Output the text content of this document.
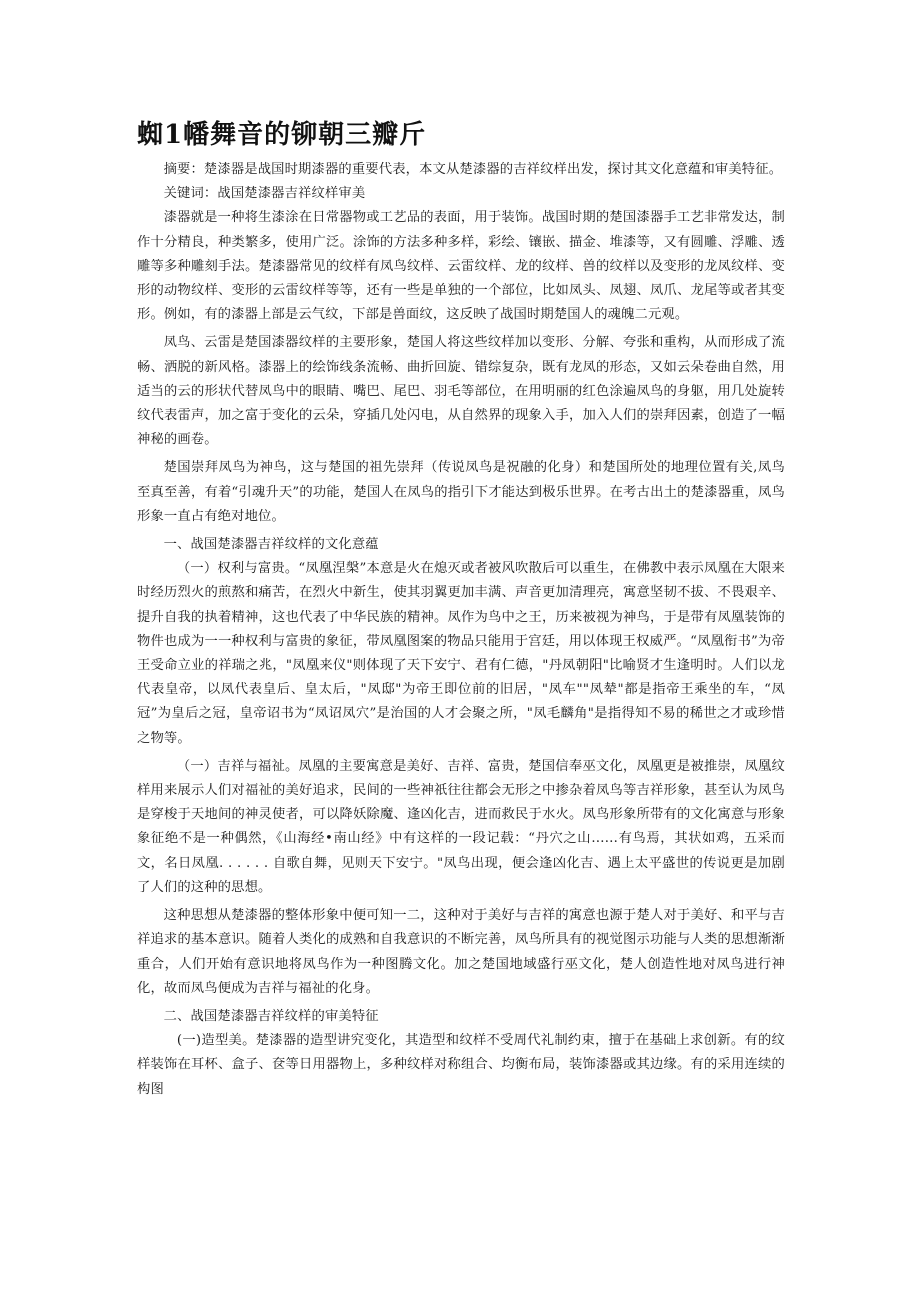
蜘1幡舞音的铆朝三瓣斤

摘要：楚漆器是战国时期漆器的重要代表，本文从楚漆器的吉祥纹样出发，探讨其文化意蕴和审美特征。

关键词：战国楚漆器吉祥纹样审美

漆器就是一种将生漆涂在日常器物或工艺品的表面，用于装饰。战国时期的楚国漆器手工艺非常发达，制作十分精良，种类繁多，使用广泛。涂饰的方法多种多样，彩绘、镶嵌、描金、堆漆等，又有圆雕、浮雕、透雕等多种雕刻手法。楚漆器常见的纹样有凤鸟纹样、云雷纹样、龙的纹样、兽的纹样以及变形的龙凤纹样、变形的动物纹样、变形的云雷纹样等等，还有一些是单独的一个部位，比如凤头、凤翅、凤爪、龙尾等或者其变形。例如，有的漆器上部是云气纹，下部是兽面纹，这反映了战国时期楚国人的魂魄二元观。

凤鸟、云雷是楚国漆器纹样的主要形象，楚国人将这些纹样加以变形、分解、夸张和重构，从而形成了流畅、洒脱的新风格。漆器上的绘饰线条流畅、曲折回旋、错综复杂，既有龙凤的形态，又如云朵卷曲自然，用适当的云的形状代替凤鸟中的眼睛、嘴巴、尾巴、羽毛等部位，在用明丽的红色涂遍凤鸟的身躯，用几处旋转纹代表雷声，加之富于变化的云朵，穿插几处闪电，从自然界的现象入手，加入人们的崇拜因素，创造了一幅神秘的画卷。

楚国崇拜凤鸟为神鸟，这与楚国的祖先崇拜（传说凤鸟是祝融的化身）和楚国所处的地理位置有关,凤鸟至真至善，有着“引魂升天”的功能，楚国人在凤鸟的指引下才能达到极乐世界。在考古出土的楚漆器重，凤鸟形象一直占有绝对地位。

一、战国楚漆器吉祥纹样的文化意蕴

（一）权利与富贵。“凤凰涅槃”本意是火在熄灭或者被风吹散后可以重生，在佛教中表示凤凰在大限来时经历烈火的煎熬和痛苦，在烈火中新生，使其羽翼更加丰满、声音更加清理亮，寓意坚韧不拔、不畏艰辛、提升自我的执着精神，这也代表了中华民族的精神。凤作为鸟中之王，历来被视为神鸟，于是带有凤凰装饰的物件也成为一一种权利与富贵的象征，带凤凰图案的物品只能用于宫廷，用以体现王权威严。“凤凰衔书”为帝王受命立业的祥瑞之兆，"凤凰来仪"则体现了天下安宁、君有仁德，"丹凤朝阳"比喻贤才生逢明时。人们以龙代表皇帝，以凤代表皇后、皇太后，"凤邸"为帝王即位前的旧居，"凤车""凤辇"都是指帝王乘坐的车，“凤冠”为皇后之冠，皇帝诏书为“凤诏凤穴”是治国的人才会聚之所，"凤毛麟角"是指得知不易的稀世之才或珍惜之物等。

（一）吉祥与福祉。凤凰的主要寓意是美好、吉祥、富贵，楚国信奉巫文化，凤凰更是被推崇，凤凰纹样用来展示人们对福祉的美好追求，民间的一些神祇往往都会无形之中掺杂着凤鸟等吉祥形象，甚至认为凤鸟是穿梭于天地间的神灵使者，可以降妖除魔、逢凶化吉，进而救民于水火。凤鸟形象所带有的文化寓意与形象象征绝不是一种偶然，《山海经•南山经》中有这样的一段记载：“丹穴之山……有鸟焉，其状如鸡，五采而文，名日凤凰. . . . . . 自歌自舞，见则天下安宁。"凤鸟出现，便会逢凶化吉、遇上太平盛世的传说更是加剧了人们的这种的思想。

这种思想从楚漆器的整体形象中便可知一二，这种对于美好与吉祥的寓意也源于楚人对于美好、和平与吉祥追求的基本意识。随着人类化的成熟和自我意识的不断完善，凤鸟所具有的视觉图示功能与人类的思想渐渐重合，人们开始有意识地将凤鸟作为一种图腾文化。加之楚国地域盛行巫文化，楚人创造性地对凤鸟进行神化，故而凤鸟便成为吉祥与福祉的化身。

二、战国楚漆器吉祥纹样的审美特征

(一)造型美。楚漆器的造型讲究变化，其造型和纹样不受周代礼制约束，擅于在基础上求创新。有的纹样装饰在耳杯、盒子、奁等日用器物上，多种纹样对称组合、均衡布局，装饰漆器或其边缘。有的采用连续的构图
